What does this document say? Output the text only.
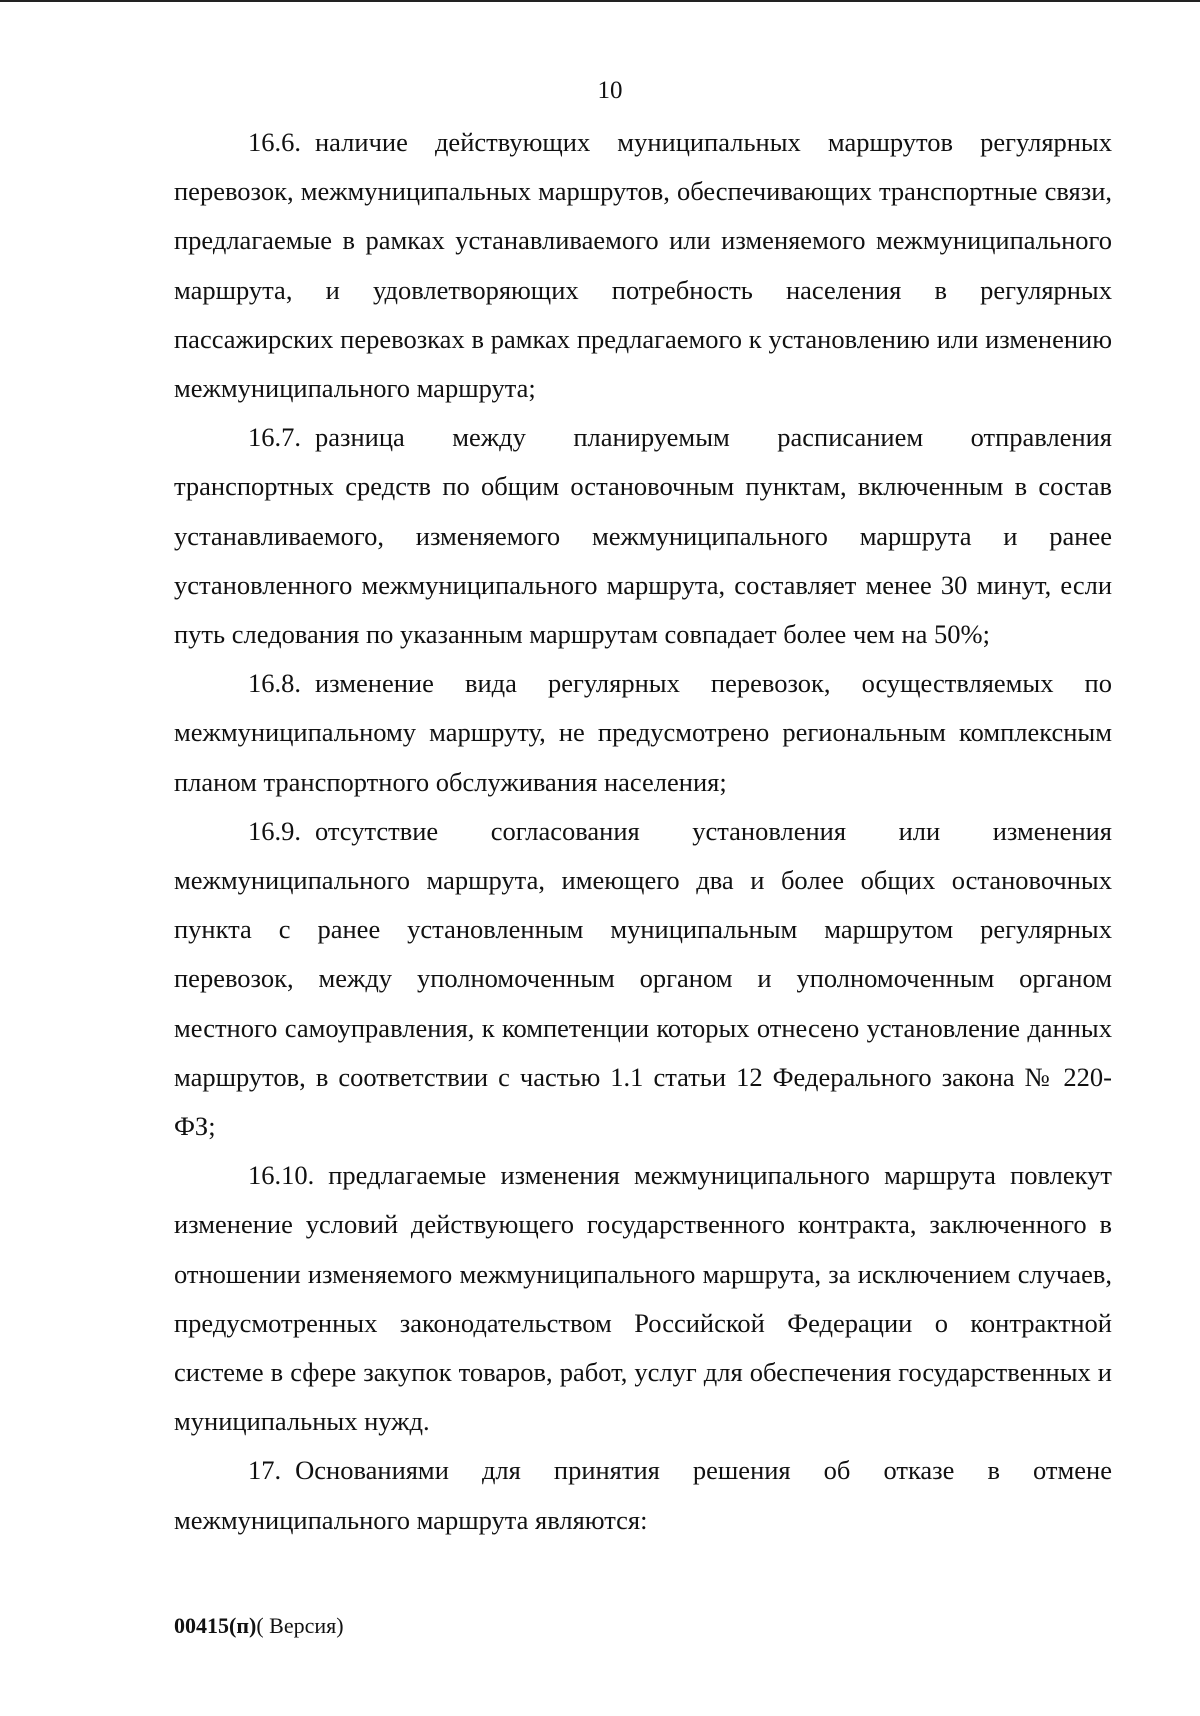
10

16.6. наличие действующих муниципальных маршрутов регулярных перевозок, межмуниципальных маршрутов, обеспечивающих транспортные связи, предлагаемые в рамках устанавливаемого или изменяемого межмуниципального маршрута, и удовлетворяющих потребность населения в регулярных пассажирских перевозках в рамках предлагаемого к установлению или изменению межмуниципального маршрута;

16.7. разница между планируемым расписанием отправления транспортных средств по общим остановочным пунктам, включенным в состав устанавливаемого, изменяемого межмуниципального маршрута и ранее установленного межмуниципального маршрута, составляет менее 30 минут, если путь следования по указанным маршрутам совпадает более чем на 50%;

16.8. изменение вида регулярных перевозок, осуществляемых по межмуниципальному маршруту, не предусмотрено региональным комплексным планом транспортного обслуживания населения;

16.9. отсутствие согласования установления или изменения межмуниципального маршрута, имеющего два и более общих остановочных пункта с ранее установленным муниципальным маршрутом регулярных перевозок, между уполномоченным органом и уполномоченным органом местного самоуправления, к компетенции которых отнесено установление данных маршрутов, в соответствии с частью 1.1 статьи 12 Федерального закона № 220-ФЗ;

16.10. предлагаемые изменения межмуниципального маршрута повлекут изменение условий действующего государственного контракта, заключенного в отношении изменяемого межмуниципального маршрута, за исключением случаев, предусмотренных законодательством Российской Федерации о контрактной системе в сфере закупок товаров, работ, услуг для обеспечения государственных и муниципальных нужд.

17. Основаниями для принятия решения об отказе в отмене межмуниципального маршрута являются:

00415(п)( Версия)
